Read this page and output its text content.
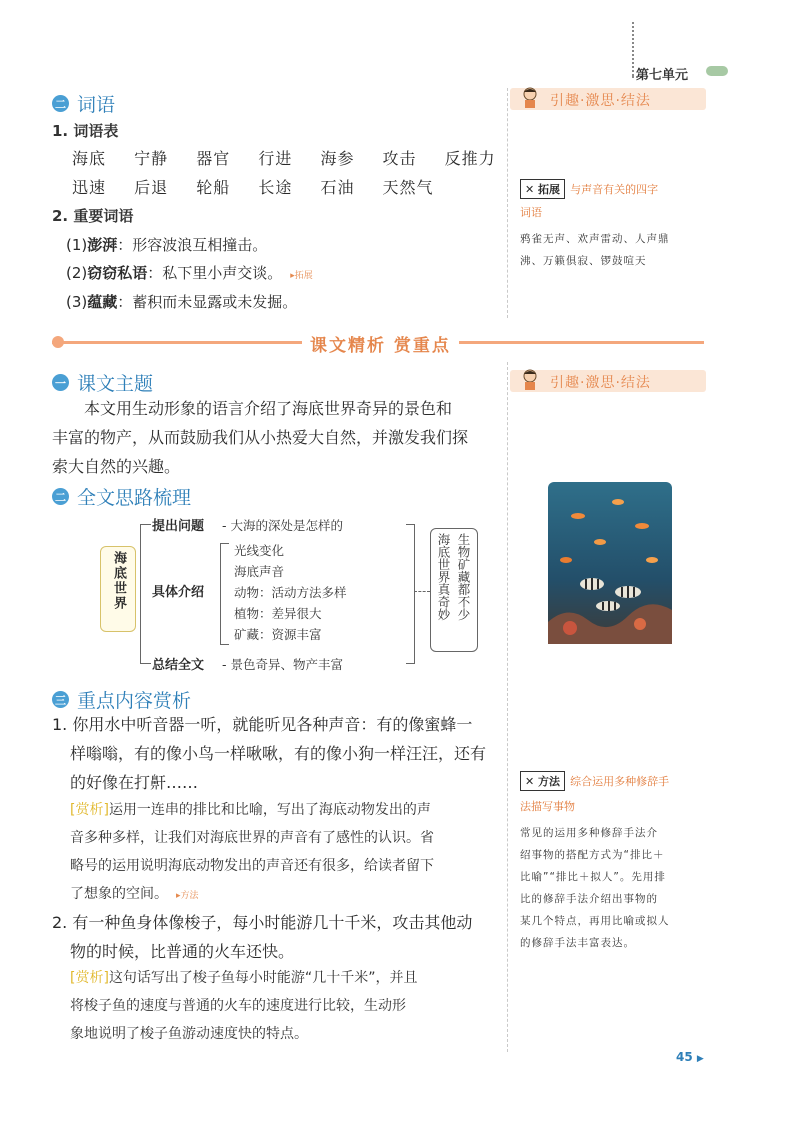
第七单元
二 词语
1. 词语表
海底 宁静 器官 行进 海参 攻击 反推力
迅速 后退 轮船 长途 石油 天然气
2. 重要词语
(1)澎湃：形容波浪互相撞击。
(2)窃窃私语：私下里小声交谈。 ▸拓展
(3)蕴藏：蓄积而未显露或未发掘。
引趣·激思·结法
✕ 拓展 与声音有关的四字
词语
鸦雀无声、欢声雷动、人声鼎
沸、万籁俱寂、锣鼓喧天
课文精析 赏重点
引趣·激思·结法
一 课文主题
本文用生动形象的语言介绍了海底世界奇异的景色和
丰富的物产，从而鼓励我们从小热爱大自然，并激发我们探
索大自然的兴趣。
二 全文思路梳理
海底世界
提出问题 - 大海的深处是怎样的
具体介绍
光线变化
海底声音
动物：活动方法多样
植物：差异很大
矿藏：资源丰富
总结全文 - 景色奇异、物产丰富
海底世界真奇妙 生物矿藏都不少
三 重点内容赏析
1. 你用水中听音器一听，就能听见各种声音：有的像蜜蜂一
样嗡嗡，有的像小鸟一样啾啾，有的像小狗一样汪汪，还有
的好像在打鼾……
[赏析]运用一连串的排比和比喻，写出了海底动物发出的声
音多种多样，让我们对海底世界的声音有了感性的认识。省
略号的运用说明海底动物发出的声音还有很多，给读者留下
了想象的空间。 ▸方法
2. 有一种鱼身体像梭子，每小时能游几十千米，攻击其他动
物的时候，比普通的火车还快。
[赏析]这句话写出了梭子鱼每小时能游“几十千米”，并且
将梭子鱼的速度与普通的火车的速度进行比较，生动形
象地说明了梭子鱼游动速度快的特点。
✕ 方法 综合运用多种修辞手
法描写事物
常见的运用多种修辞手法介
绍事物的搭配方式为“排比＋
比喻”“排比＋拟人”。先用排
比的修辞手法介绍出事物的
某几个特点，再用比喻或拟人
的修辞手法丰富表达。
45 ▶
